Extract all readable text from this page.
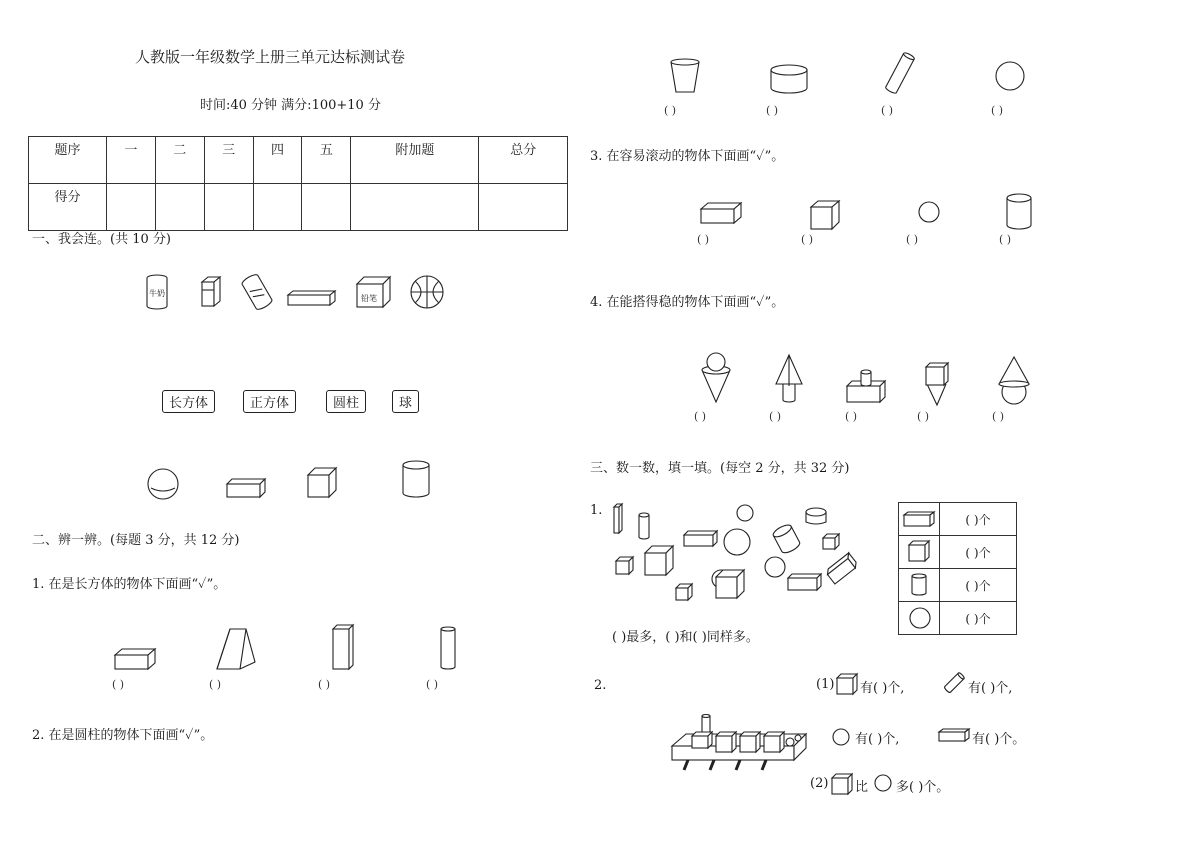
人教版一年级数学上册三单元达标测试卷
时间:40 分钟 满分:100+10 分
题序	一	二	三	四	五	附加题	总分
得分							
一、我会连。(共 10 分)
牛奶
铅笔
长方体	正方体	圆柱	球
二、辨一辨。(每题 3 分，共 12 分)
1. 在是长方体的物体下面画“✓”。
( )	( )	( )	( )
2. 在是圆柱的物体下面画“✓”。
( )	( )	( )	( )
3. 在容易滚动的物体下面画“✓”。
( )	( )	( )	( )
4. 在能搭得稳的物体下面画“✓”。
( )	( )	( )	( )	( )
三、数一数，填一填。(每空 2 分，共 32 分)
1.
	( )个

	( )个

	( )个

	( )个
( )最多，( )和( )同样多。
2.	(1) 有( )个,	有( )个,
有( )个,	有( )个。
(2) 比 多( )个。
